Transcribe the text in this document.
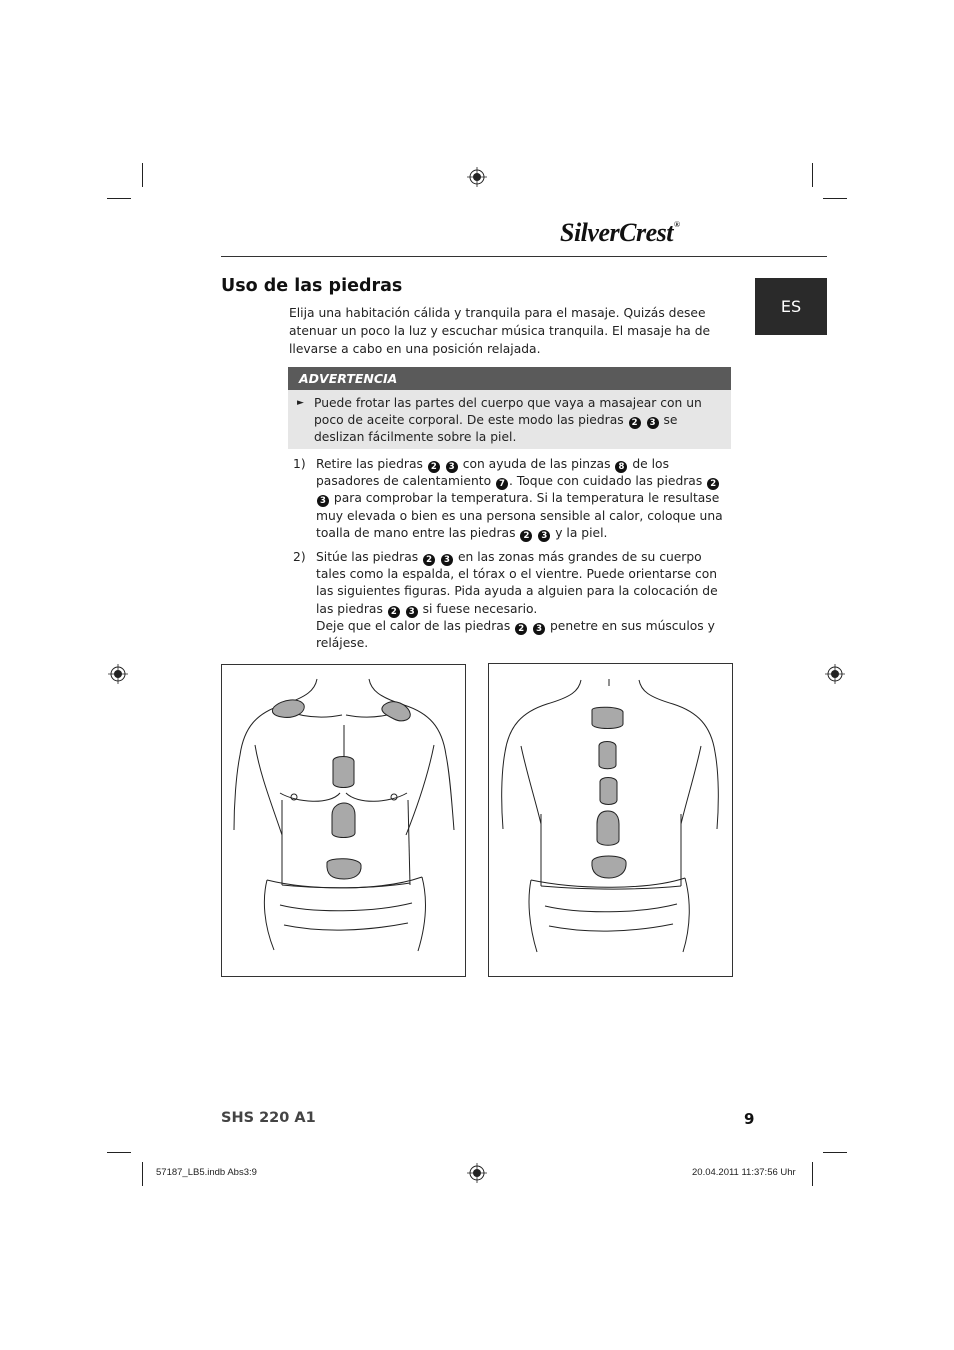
SilverCrest®
ES
Uso de las piedras
Elija una habitación cálida y tranquila para el masaje. Quizás desee atenuar un poco la luz y escuchar música tranquila. El masaje ha de llevarse a cabo en una posición relajada.
ADVERTENCIA
► Puede frotar las partes del cuerpo que vaya a masajear con un poco de aceite corporal. De este modo las piedras 2 3 se deslizan fácilmente sobre la piel.
1) Retire las piedras 2 3 con ayuda de las pinzas 8 de los pasadores de calentamiento 7 . Toque con cuidado las piedras 2 3 para comprobar la temperatura. Si la temperatura le resultase muy elevada o bien es una persona sensible al calor, coloque una toalla de mano entre las piedras 2 3 y la piel.
2) Sitúe las piedras 2 3 en las zonas más grandes de su cuerpo tales como la espalda, el tórax o el vientre. Puede orientarse con las siguientes figuras. Pida ayuda a alguien para la colocación de las piedras 2 3 si fuese necesario.
Deje que el calor de las piedras 2 3 penetre en sus músculos y relájese.
SHS 220 A1	9
57187_LB5.indb Abs3:9	20.04.2011 11:37:56 Uhr
